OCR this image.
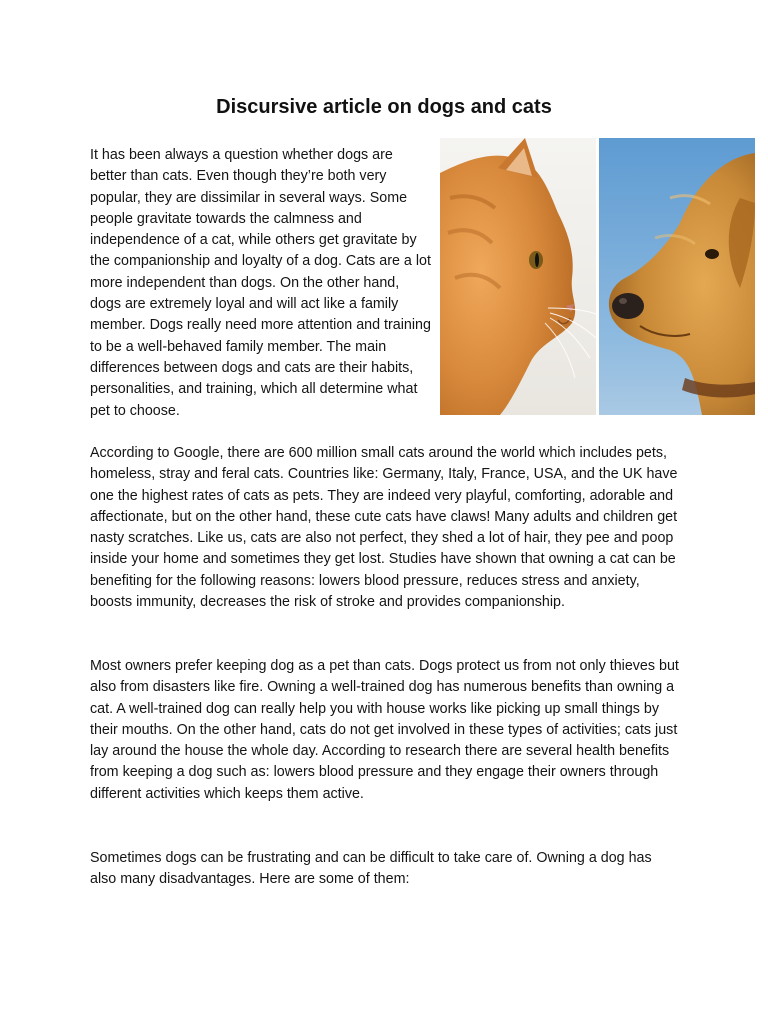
Discursive article on dogs and cats

It has been always a question whether dogs are better than cats. Even though they’re both very popular, they are dissimilar in several ways. Some people gravitate towards the calmness and independence of a cat, while others get gravitate by the companionship and loyalty of a dog. Cats are a lot more independent than dogs. On the other hand, dogs are extremely loyal and will act like a family member. Dogs really need more attention and training to be a well-behaved family member. The main differences between dogs and cats are their habits, personalities, and training, which all determine what pet to choose.

According to Google, there are 600 million small cats around the world which includes pets, homeless, stray and feral cats. Countries like: Germany, Italy, France, USA, and the UK have one the highest rates of cats as pets. They are indeed very playful, comforting, adorable and affectionate, but on the other hand, these cute cats have claws! Many adults and children get nasty scratches. Like us, cats are also not perfect, they shed a lot of hair, they pee and poop inside your home and sometimes they get lost. Studies have shown that owning a cat can be benefiting for the following reasons: lowers blood pressure, reduces stress and anxiety, boosts immunity, decreases the risk of stroke and provides companionship.

Most owners prefer keeping dog as a pet than cats. Dogs protect us from not only thieves but also from disasters like fire. Owning a well-trained dog has numerous benefits than owning a cat. A well-trained dog can really help you with house works like picking up small things by their mouths. On the other hand, cats do not get involved in these types of activities; cats just lay around the house the whole day. According to research there are several health benefits from keeping a dog such as: lowers blood pressure and they engage their owners through different activities which keeps them active.

Sometimes dogs can be frustrating and can be difficult to take care of. Owning a dog has also many disadvantages. Here are some of them:
